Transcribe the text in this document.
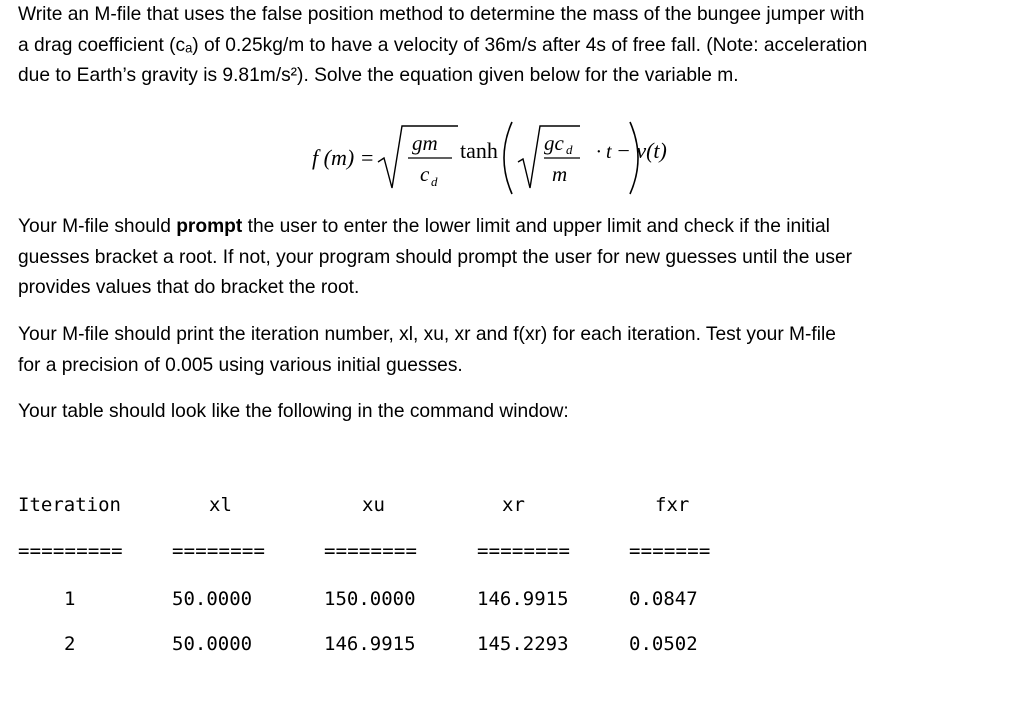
Write an M-file that uses the false position method to determine the mass of the bungee jumper with
a drag coefficient (cₐ) of 0.25kg/m to have a velocity of 36m/s after 4s of free fall. (Note: acceleration
due to Earth’s gravity is 9.81m/s²). Solve the equation given below for the variable m.

f (m) =
gm
c d
tanh gc d
m
· t − v(t)

Your M-file should prompt the user to enter the lower limit and upper limit and check if the initial
guesses bracket a root. If not, your program should prompt the user for new guesses until the user
provides values that do bracket the root.

Your M-file should print the iteration number, xl, xu, xr and f(xr) for each iteration. Test your M-file
for a precision of 0.005 using various initial guesses.

Your table should look like the following in the command window:

Iteration	xl	xu	xr	fxr
=========	========	========	========	=======
1	50.0000	150.0000	146.9915	0.0847
2	50.0000	146.9915	145.2293	0.0502
